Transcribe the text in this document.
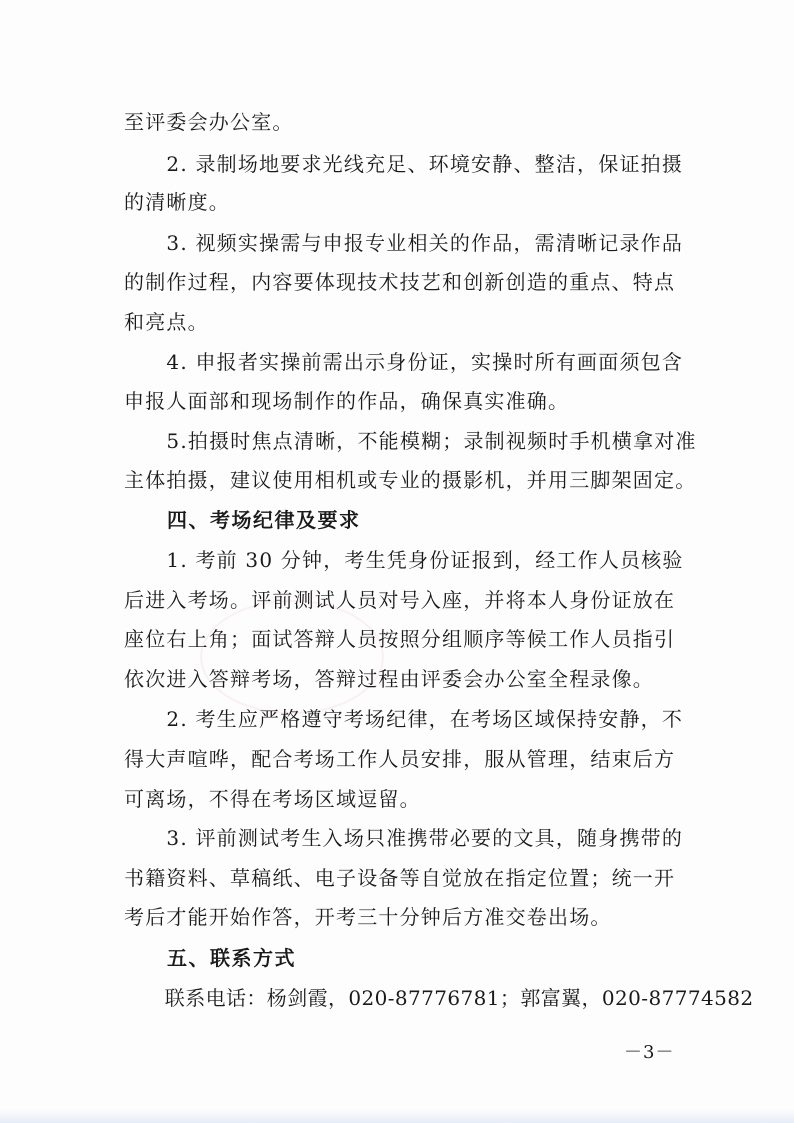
至评委会办公室。
　　2. 录制场地要求光线充足、环境安静、整洁，保证拍摄
的清晰度。
　　3. 视频实操需与申报专业相关的作品，需清晰记录作品
的制作过程，内容要体现技术技艺和创新创造的重点、特点
和亮点。
　　4. 申报者实操前需出示身份证，实操时所有画面须包含
申报人面部和现场制作的作品，确保真实准确。
　　5.拍摄时焦点清晰，不能模糊；录制视频时手机横拿对准
主体拍摄，建议使用相机或专业的摄影机，并用三脚架固定。
　　四、考场纪律及要求
　　1. 考前 30 分钟，考生凭身份证报到，经工作人员核验
后进入考场。评前测试人员对号入座，并将本人身份证放在
座位右上角；面试答辩人员按照分组顺序等候工作人员指引
依次进入答辩考场，答辩过程由评委会办公室全程录像。
　　2. 考生应严格遵守考场纪律，在考场区域保持安静，不
得大声喧哗，配合考场工作人员安排，服从管理，结束后方
可离场，不得在考场区域逗留。
　　3. 评前测试考生入场只准携带必要的文具，随身携带的
书籍资料、草稿纸、电子设备等自觉放在指定位置；统一开
考后才能开始作答，开考三十分钟后方准交卷出场。
　　五、联系方式
　　联系电话：杨剑霞，020-87776781；郭富翼，020-87774582
－3－
